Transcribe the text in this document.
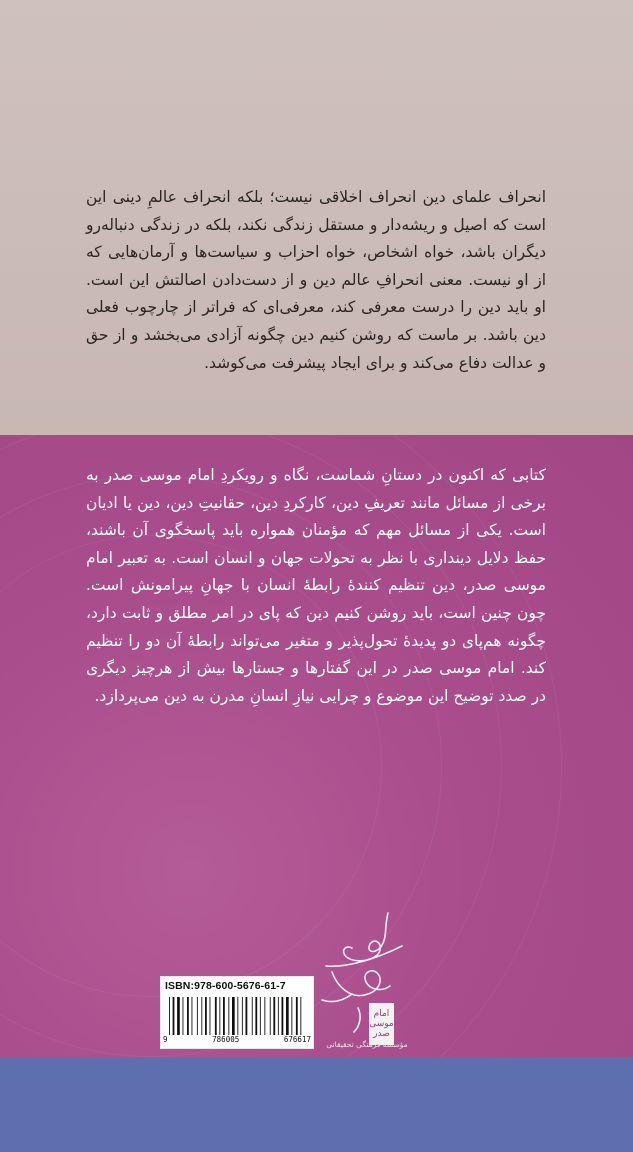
انحراف علمای دین انحراف اخلاقی نیست؛ بلکه انحراف عالمِ دینی این است که اصیل و ریشه‌دار و مستقل زندگی نکند، بلکه در زندگی دنباله‌رو دیگران باشد، خواه اشخاص، خواه احزاب و سیاست‌ها و آرمان‌هایی که از او نیست. معنی انحرافِ عالم دین و از دست‌دادن اصالتش این است. او باید دین را درست معرفی کند، معرفی‌ای که فراتر از چارچوب فعلی دین باشد. بر ماست که روشن کنیم دین چگونه آزادی می‌بخشد و از حق و عدالت دفاع می‌کند و برای ایجاد پیشرفت می‌کوشد.

کتابی که اکنون در دستانِ شماست، نگاه و رویکردِ امام موسی صدر به برخی از مسائل مانند تعریفِ دین، کارکردِ دین، حقانیتِ دین، دین یا ادیان است. یکی از مسائل مهم که مؤمنان همواره باید پاسخگوی آن باشند، حفظ دلایل دینداری با نظر به تحولات جهان و انسان است. به تعبیر امام موسی صدر، دین تنظیم کنندهٔ رابطهٔ انسان با جهانِ پیرامونش است. چون چنین است، باید روشن کنیم دین که پای در امر مطلق و ثابت دارد، چگونه هم‌پای دو پدیدهٔ تحول‌پذیر و متغیر می‌تواند رابطهٔ آن دو را تنظیم کند. امام موسی صدر در این گفتارها و جستارها بیش از هرچیز دیگری در صدد توضیح این موضوع و چرایی نیازِ انسانِ مدرن به دین می‌پردازد.

امام
موسی
صدر
مؤسسهٔ فرهنگی تحقیقاتی
ISBN:978-600-5676-61-7
9	786005	676617
